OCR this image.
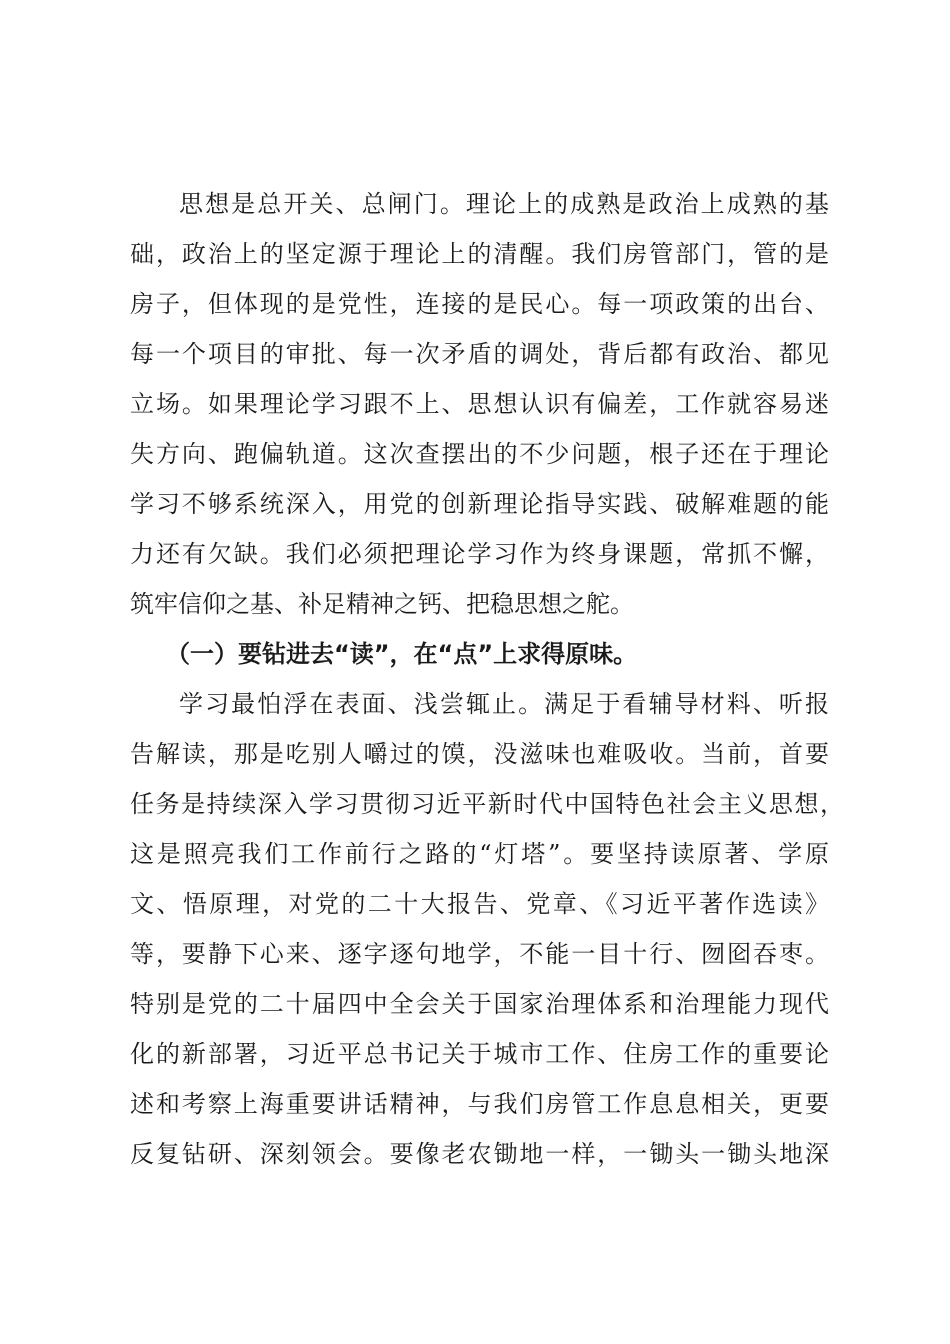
思想是总开关、总闸门。理论上的成熟是政治上成熟的基
础，政治上的坚定源于理论上的清醒。我们房管部门，管的是
房子，但体现的是党性，连接的是民心。每一项政策的出台、
每一个项目的审批、每一次矛盾的调处，背后都有政治、都见
立场。如果理论学习跟不上、思想认识有偏差，工作就容易迷
失方向、跑偏轨道。这次查摆出的不少问题，根子还在于理论
学习不够系统深入，用党的创新理论指导实践、破解难题的能
力还有欠缺。我们必须把理论学习作为终身课题，常抓不懈，
筑牢信仰之基、补足精神之钙、把稳思想之舵。
（一）要钻进去“读”，在“点”上求得原味。
学习最怕浮在表面、浅尝辄止。满足于看辅导材料、听报
告解读，那是吃别人嚼过的馍，没滋味也难吸收。当前，首要
任务是持续深入学习贯彻习近平新时代中国特色社会主义思想，
这是照亮我们工作前行之路的“灯塔”。要坚持读原著、学原
文、悟原理，对党的二十大报告、党章、《习近平著作选读》
等，要静下心来、逐字逐句地学，不能一目十行、囫囵吞枣。
特别是党的二十届四中全会关于国家治理体系和治理能力现代
化的新部署，习近平总书记关于城市工作、住房工作的重要论
述和考察上海重要讲话精神，与我们房管工作息息相关，更要
反复钻研、深刻领会。要像老农锄地一样，一锄头一锄头地深
